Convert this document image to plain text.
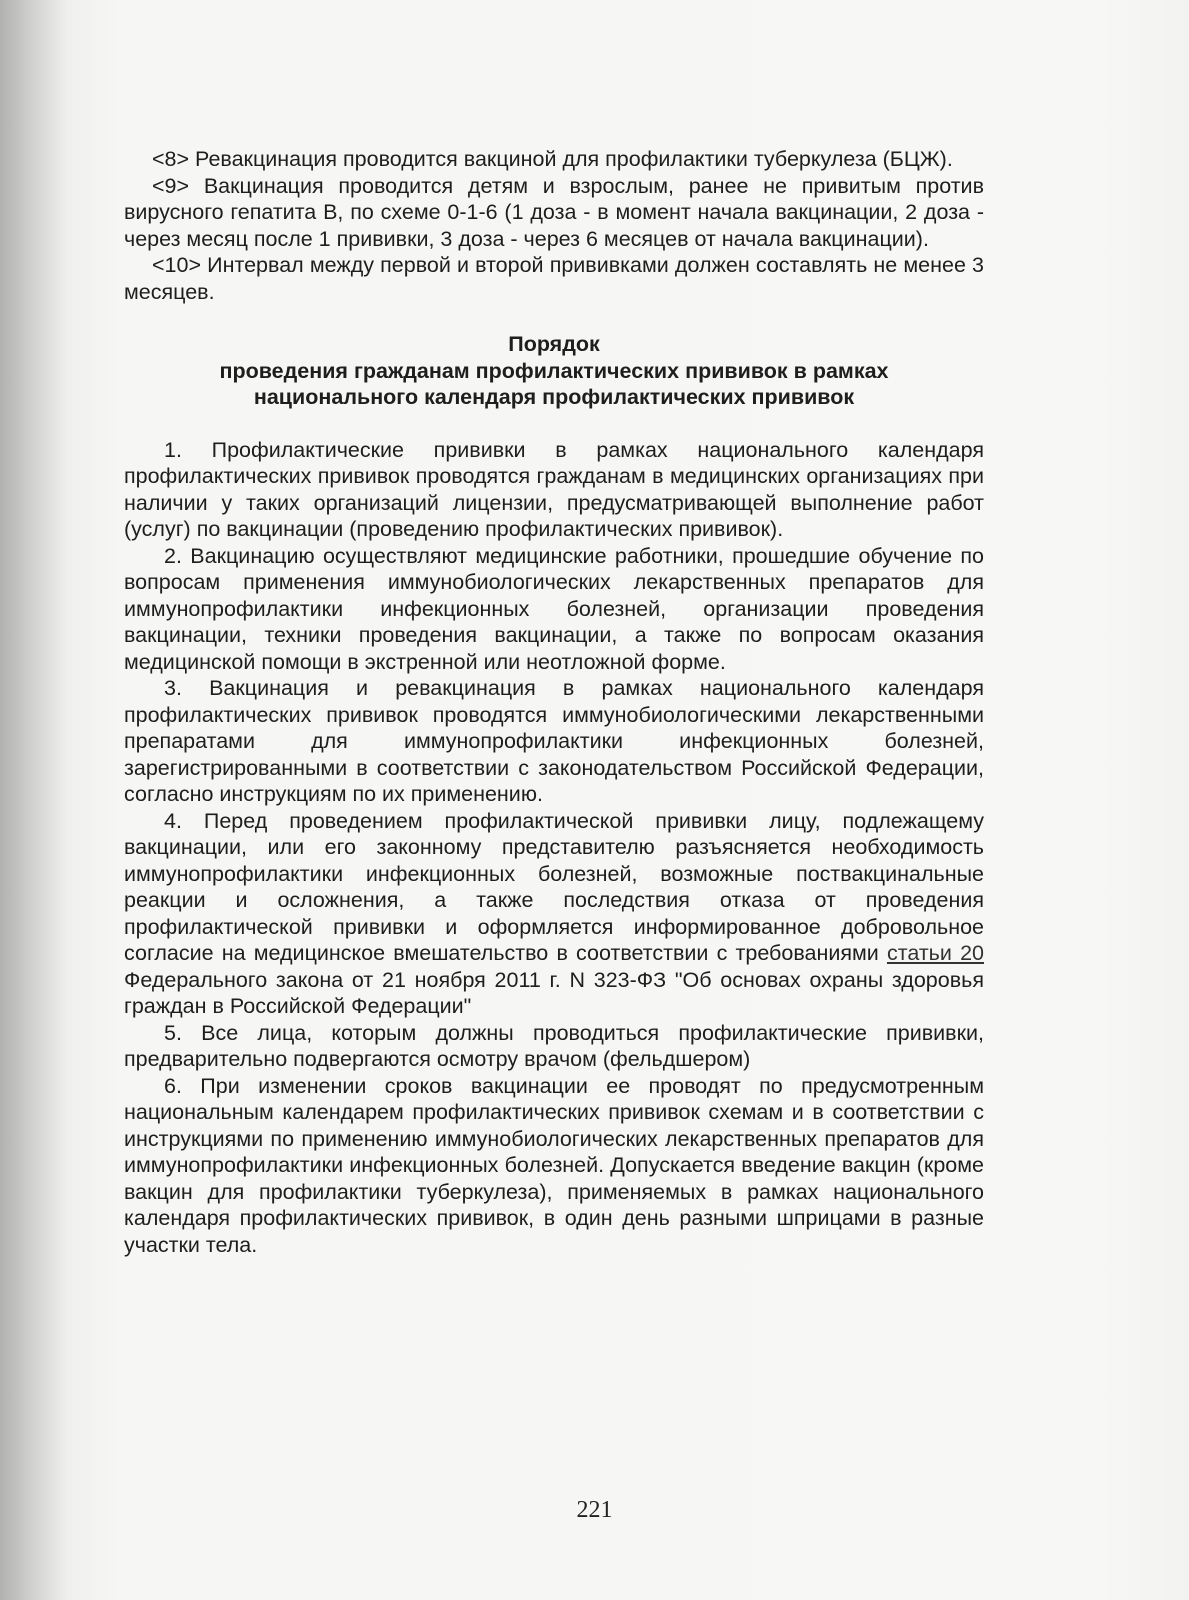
<8> Ревакцинация проводится вакциной для профилактики туберкулеза (БЦЖ).

<9> Вакцинация проводится детям и взрослым, ранее не привитым против вирусного гепатита В, по схеме 0-1-6 (1 доза - в момент начала вакцинации, 2 доза - через месяц после 1 прививки, 3 доза - через 6 месяцев от начала вакцинации).

<10> Интервал между первой и второй прививками должен составлять не менее 3 месяцев.

Порядок

проведения гражданам профилактических прививок в рамках

национального календаря профилактических прививок

1. Профилактические прививки в рамках национального календаря профилактических прививок проводятся гражданам в медицинских организациях при наличии у таких организаций лицензии, предусматривающей выполнение работ (услуг) по вакцинации (проведению профилактических прививок).

2. Вакцинацию осуществляют медицинские работники, прошедшие обучение по вопросам применения иммунобиологических лекарственных препаратов для иммунопрофилактики инфекционных болезней, организации проведения вакцинации, техники проведения вакцинации, а также по вопросам оказания медицинской помощи в экстренной или неотложной форме.

3. Вакцинация и ревакцинация в рамках национального календаря профилактических прививок проводятся иммунобиологическими лекарственными препаратами для иммунопрофилактики инфекционных болезней, зарегистрированными в соответствии с законодательством Российской Федерации, согласно инструкциям по их применению.

4. Перед проведением профилактической прививки лицу, подлежащему вакцинации, или его законному представителю разъясняется необходимость иммунопрофилактики инфекционных болезней, возможные поствакцинальные реакции и осложнения, а также последствия отказа от проведения профилактической прививки и оформляется информированное добровольное согласие на медицинское вмешательство в соответствии с требованиями статьи 20 Федерального закона от 21 ноября 2011 г. N 323-ФЗ "Об основах охраны здоровья граждан в Российской Федерации"

5. Все лица, которым должны проводиться профилактические прививки, предварительно подвергаются осмотру врачом (фельдшером)

6. При изменении сроков вакцинации ее проводят по предусмотренным национальным календарем профилактических прививок схемам и в соответствии с инструкциями по применению иммунобиологических лекарственных препаратов для иммунопрофилактики инфекционных болезней. Допускается введение вакцин (кроме вакцин для профилактики туберкулеза), применяемых в рамках национального календаря профилактических прививок, в один день разными шприцами в разные участки тела.

221
